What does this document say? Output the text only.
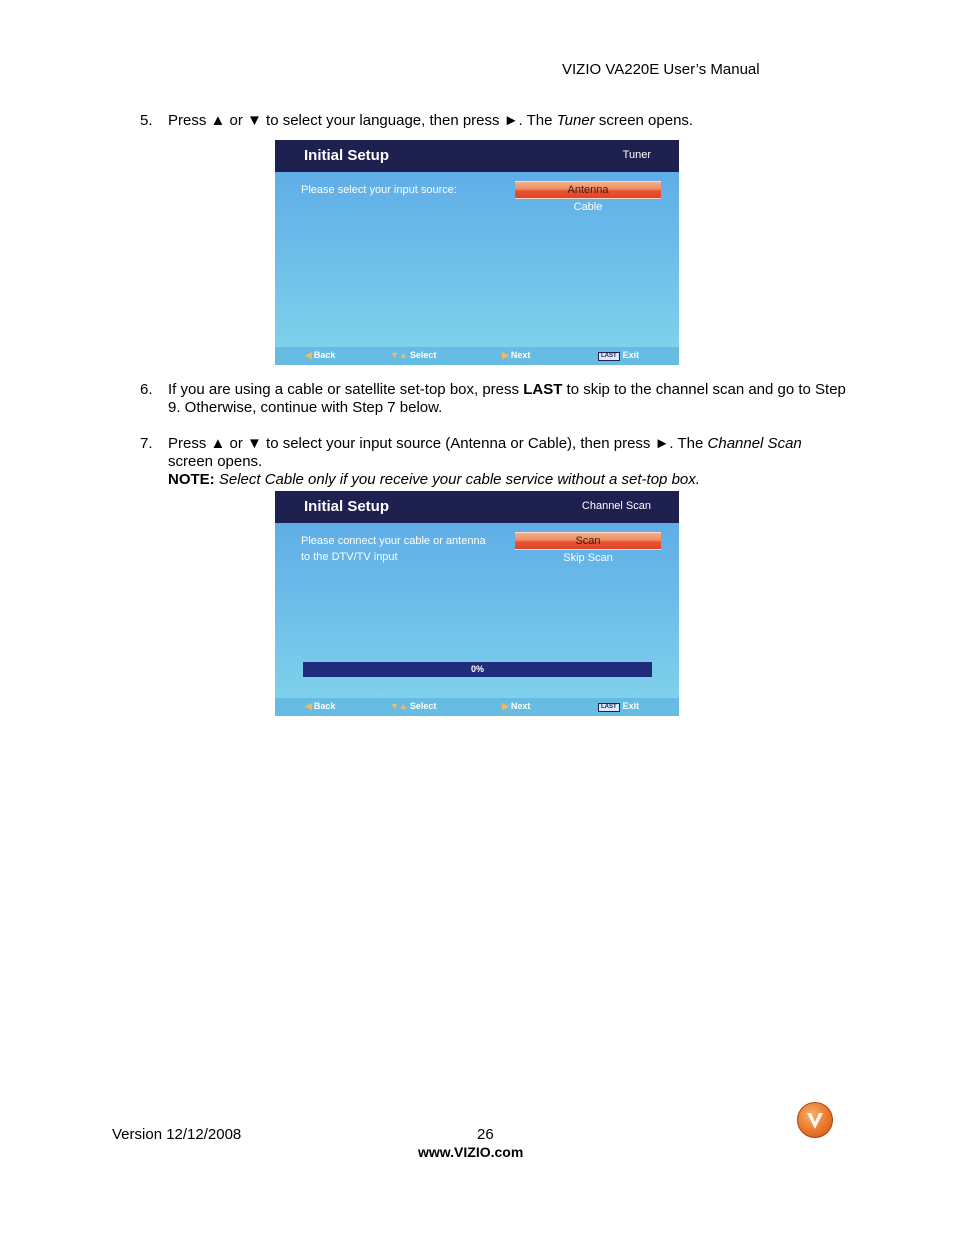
VIZIO VA220E User’s Manual
5. Press ▲ or ▼ to select your language, then press ►. The Tuner screen opens.
Initial Setup	Tuner
Please select your input source:	Antenna
Cable
◀ Back	▼▲ Select	▶ Next	LAST Exit
6. If you are using a cable or satellite set-top box, press LAST to skip to the channel scan and go to Step 9. Otherwise, continue with Step 7 below.
7. Press ▲ or ▼ to select your input source (Antenna or Cable), then press ►. The Channel Scan screen opens.
NOTE: Select Cable only if you receive your cable service without a set-top box.
Initial Setup	Channel Scan
Please connect your cable or antenna to the DTV/TV input
Scan
Skip Scan
0%
◀ Back	▼▲ Select	▶ Next	LAST Exit
Version 12/12/2008	26
www.VIZIO.com
